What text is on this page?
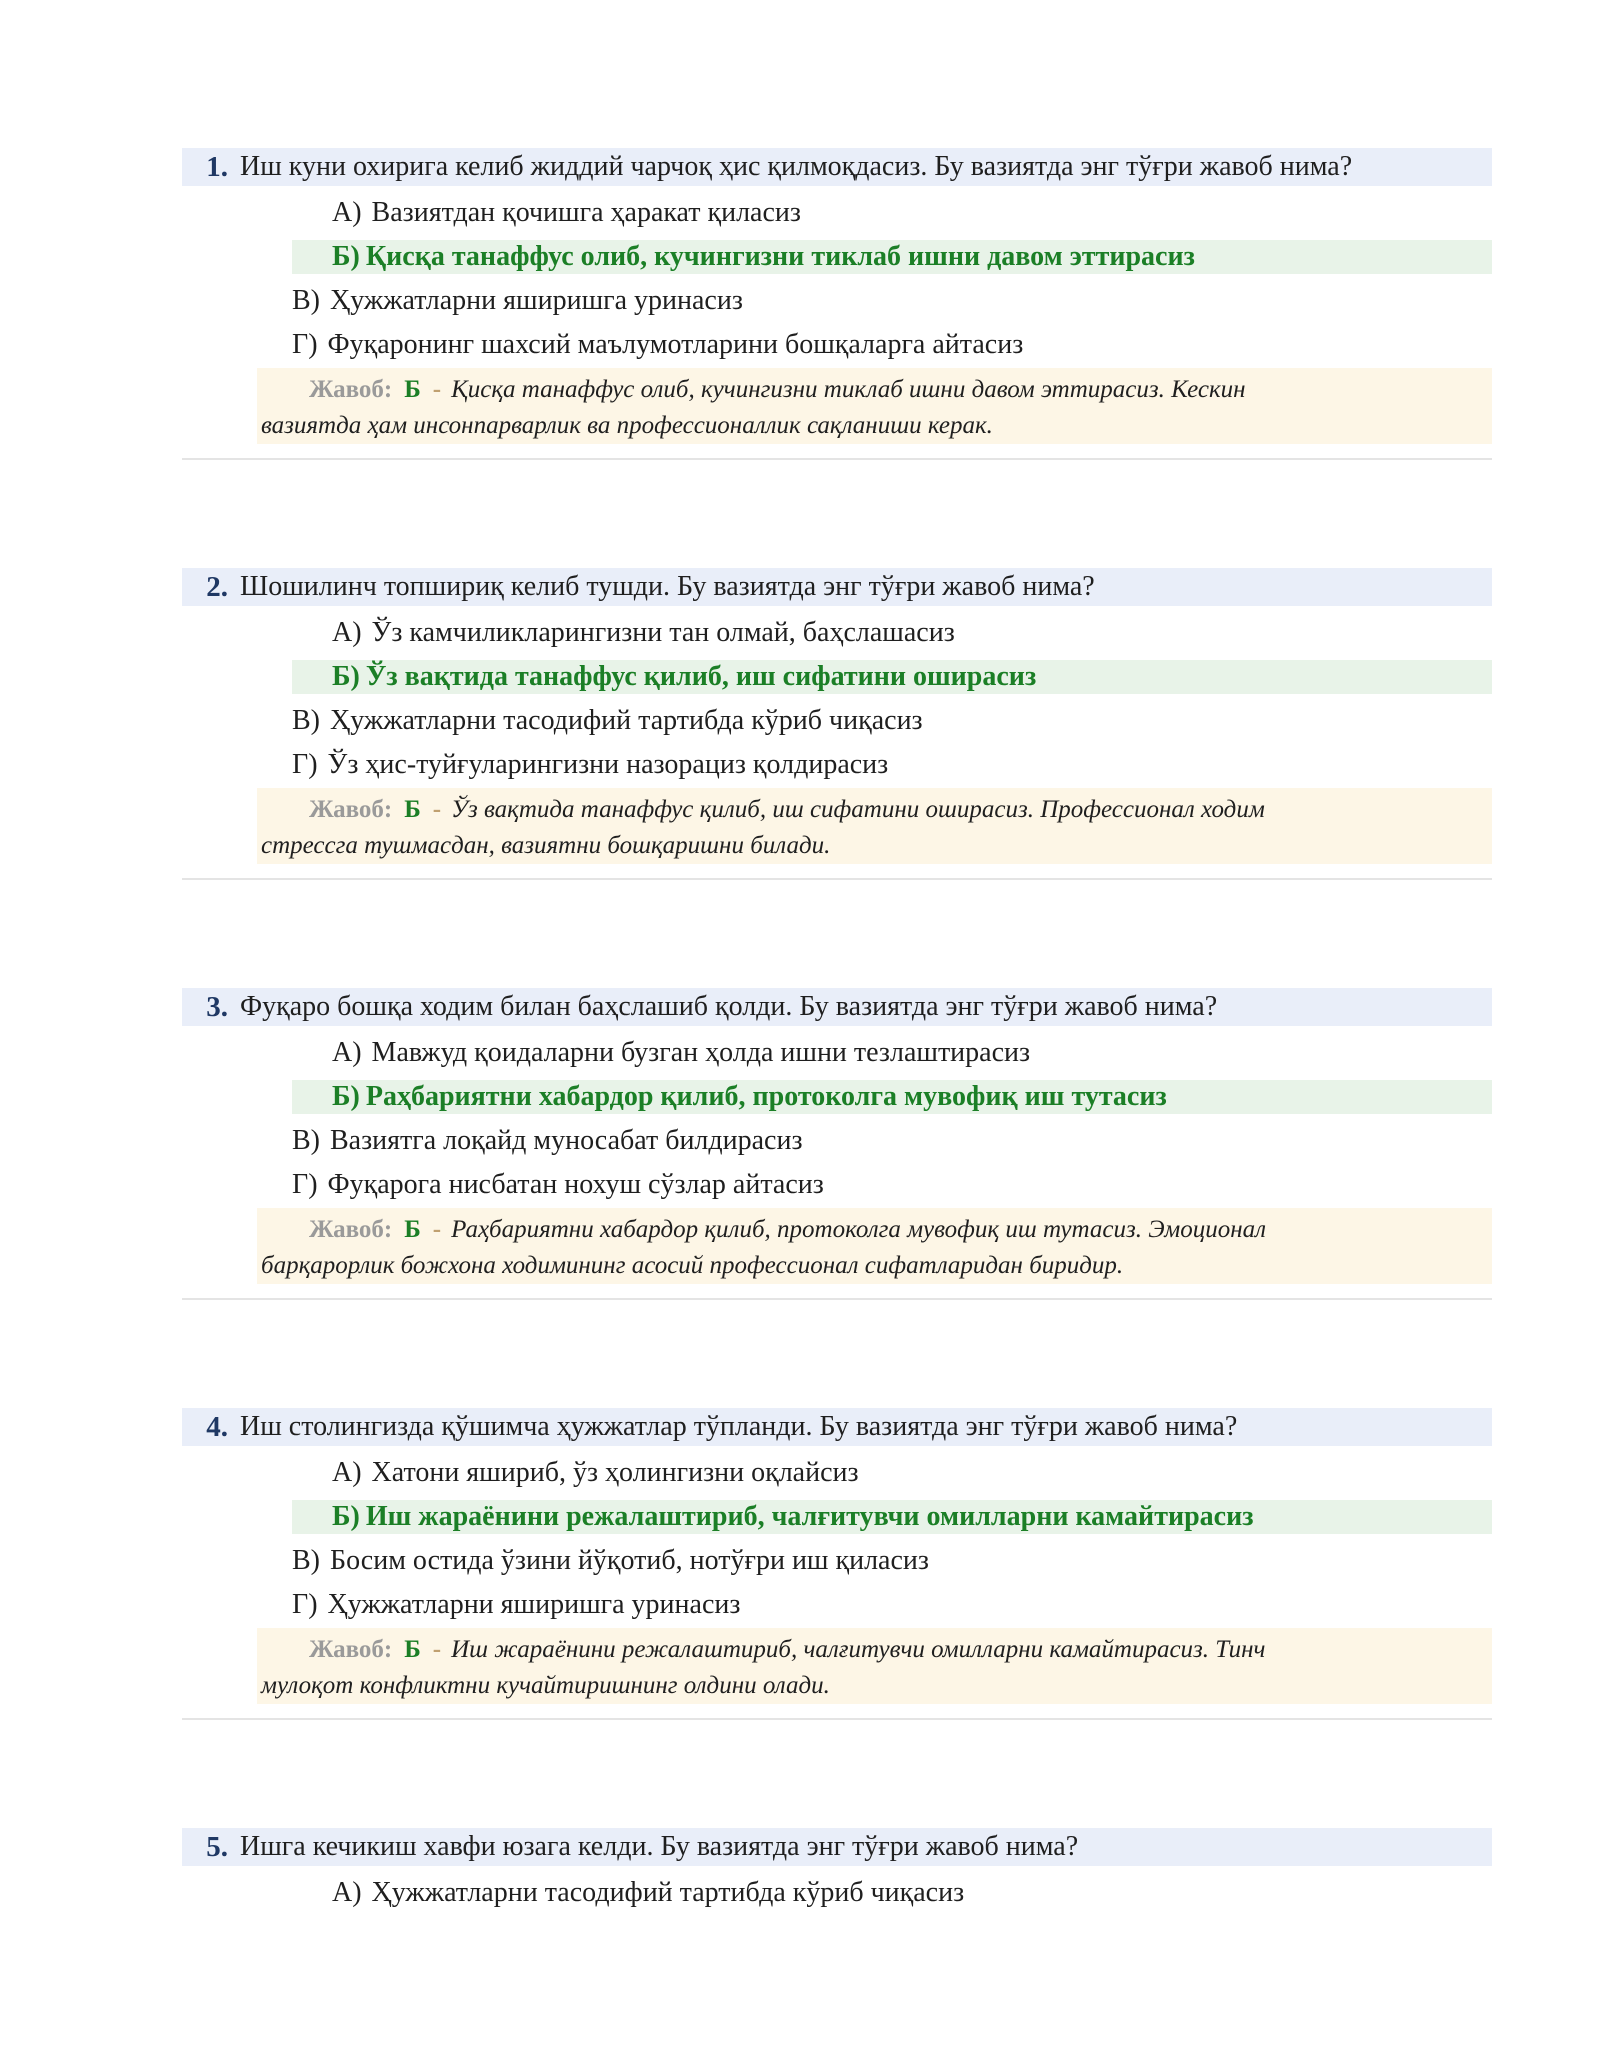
1. Иш куни охирига келиб жиддий чарчоқ ҳис қилмоқдасиз. Бу вазиятда энг тўғри жавоб нима?
А) Вазиятдан қочишга ҳаракат қиласиз
Б) Қисқа танаффус олиб, кучингизни тиклаб ишни давом эттирасиз
В) Ҳужжатларни яширишга уринасиз
Г) Фуқаронинг шахсий маълумотларини бошқаларга айтасиз
Жавоб: Б - Қисқа танаффус олиб, кучингизни тиклаб ишни давом эттирасиз. Кескин
вазиятда ҳам инсонпарварлик ва профессионаллик сақланиши керак.
2. Шошилинч топшириқ келиб тушди. Бу вазиятда энг тўғри жавоб нима?
А) Ўз камчиликларингизни тан олмай, баҳслашасиз
Б) Ўз вақтида танаффус қилиб, иш сифатини оширасиз
В) Ҳужжатларни тасодифий тартибда кўриб чиқасиз
Г) Ўз ҳис-туйғуларингизни назорациз қолдирасиз
Жавоб: Б - Ўз вақтида танаффус қилиб, иш сифатини оширасиз. Профессионал ходим
стрессга тушмасдан, вазиятни бошқаришни билади.
3. Фуқаро бошқа ходим билан баҳслашиб қолди. Бу вазиятда энг тўғри жавоб нима?
А) Мавжуд қоидаларни бузган ҳолда ишни тезлаштирасиз
Б) Раҳбариятни хабардор қилиб, протоколга мувофиқ иш тутасиз
В) Вазиятга лоқайд муносабат билдирасиз
Г) Фуқарога нисбатан нохуш сўзлар айтасиз
Жавоб: Б - Раҳбариятни хабардор қилиб, протоколга мувофиқ иш тутасиз. Эмоционал
барқарорлик божхона ходимининг асосий профессионал сифатларидан биридир.
4. Иш столингизда қўшимча ҳужжатлар тўпланди. Бу вазиятда энг тўғри жавоб нима?
А) Хатони яшириб, ўз ҳолингизни оқлайсиз
Б) Иш жараёнини режалаштириб, чалғитувчи омилларни камайтирасиз
В) Босим остида ўзини йўқотиб, нотўғри иш қиласиз
Г) Ҳужжатларни яширишга уринасиз
Жавоб: Б - Иш жараёнини режалаштириб, чалғитувчи омилларни камайтирасиз. Тинч
мулоқот конфликтни кучайтиришнинг олдини олади.
5. Ишга кечикиш хавфи юзага келди. Бу вазиятда энг тўғри жавоб нима?
А) Ҳужжатларни тасодифий тартибда кўриб чиқасиз
